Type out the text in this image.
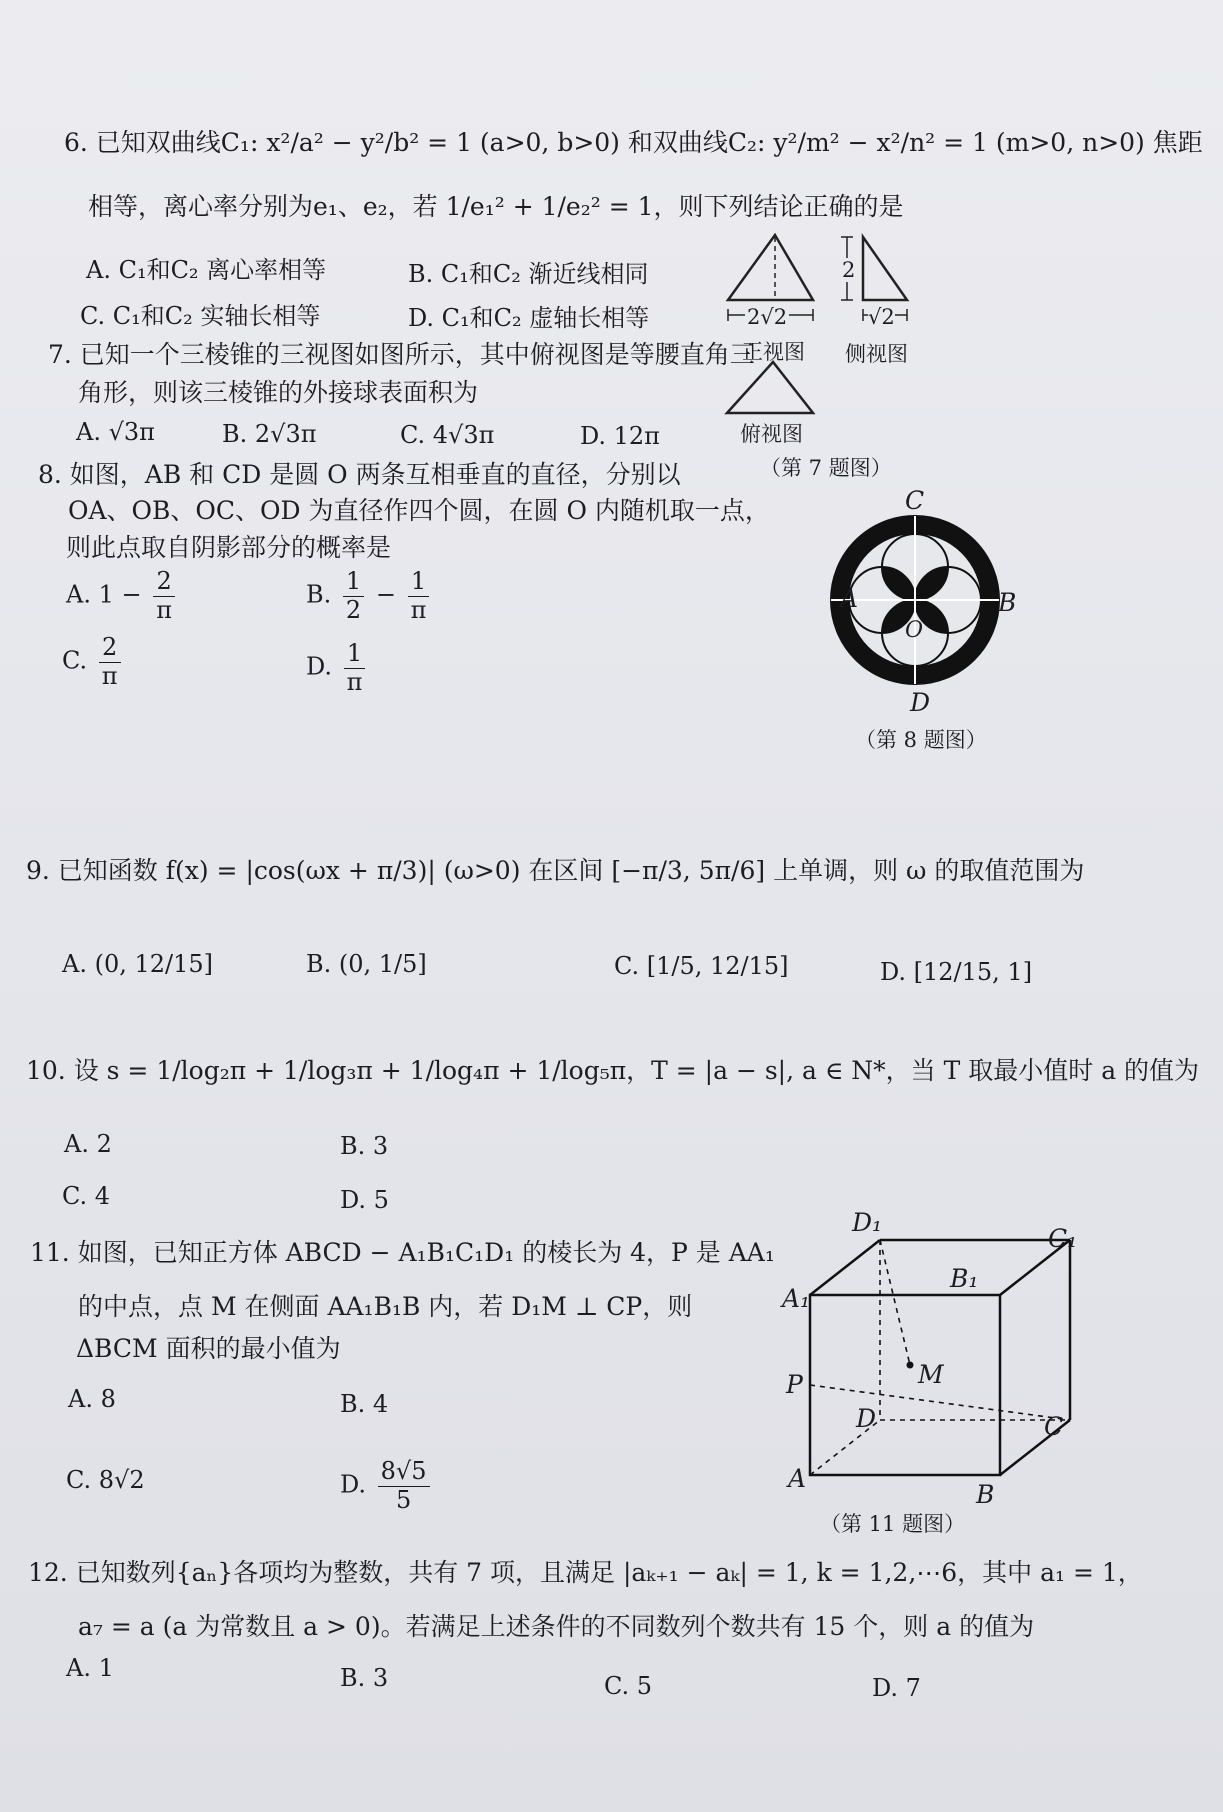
6. 已知双曲线C₁: x²/a² − y²/b² = 1 (a>0, b>0) 和双曲线C₂: y²/m² − x²/n² = 1 (m>0, n>0) 焦距
相等，离心率分别为e₁、e₂，若 1/e₁² + 1/e₂² = 1，则下列结论正确的是
A. C₁和C₂ 离心率相等	B. C₁和C₂ 渐近线相同
C. C₁和C₂ 实轴长相等	D. C₁和C₂ 虚轴长相等
7. 已知一个三棱锥的三视图如图所示，其中俯视图是等腰直角三
角形，则该三棱锥的外接球表面积为
A. √3π	B. 2√3π	C. 4√3π	D. 12π
2√2
2
√2
正视图 侧视图
俯视图
（第 7 题图）
8. 如图，AB 和 CD 是圆 O 两条互相垂直的直径，分别以
OA、OB、OC、OD 为直径作四个圆，在圆 O 内随机取一点，
则此点取自阴影部分的概率是
A. $1 - \frac{2}{\pi}$	B. $\frac{1}{2} - \frac{1}{\pi}$
C. $\frac{2}{\pi}$	D. $\frac{1}{\pi}$
C
A	B
O
D
（第 8 题图）
9. 已知函数 f(x) = |cos(ωx + π/3)| (ω>0) 在区间 [−π/3, 5π/6] 上单调，则 ω 的取值范围为
A. (0, 12/15]	B. (0, 1/5]	C. [1/5, 12/15]	D. [12/15, 1]
10. 设 s = 1/log₂π + 1/log₃π + 1/log₄π + 1/log₅π，T = |a − s|, a ∈ N*，当 T 取最小值时 a 的值为
A. 2	B. 3
C. 4	D. 5
11. 如图，已知正方体 ABCD − A₁B₁C₁D₁ 的棱长为 4，P 是 AA₁
的中点，点 M 在侧面 AA₁B₁B 内，若 D₁M ⊥ CP，则
ΔBCM 面积的最小值为
A. 8	B. 4
C. 8√2	D. $\frac{8√5}{5}$
D₁
C₁
B₁
A₁
M
P
D	C
A
B
（第 11 题图）
12. 已知数列{aₙ}各项均为整数，共有 7 项，且满足 |aₖ₊₁ − aₖ| = 1, k = 1,2,⋯6，其中 a₁ = 1，
a₇ = a (a 为常数且 a > 0)。若满足上述条件的不同数列个数共有 15 个，则 a 的值为
A. 1	B. 3	C. 5	D. 7
